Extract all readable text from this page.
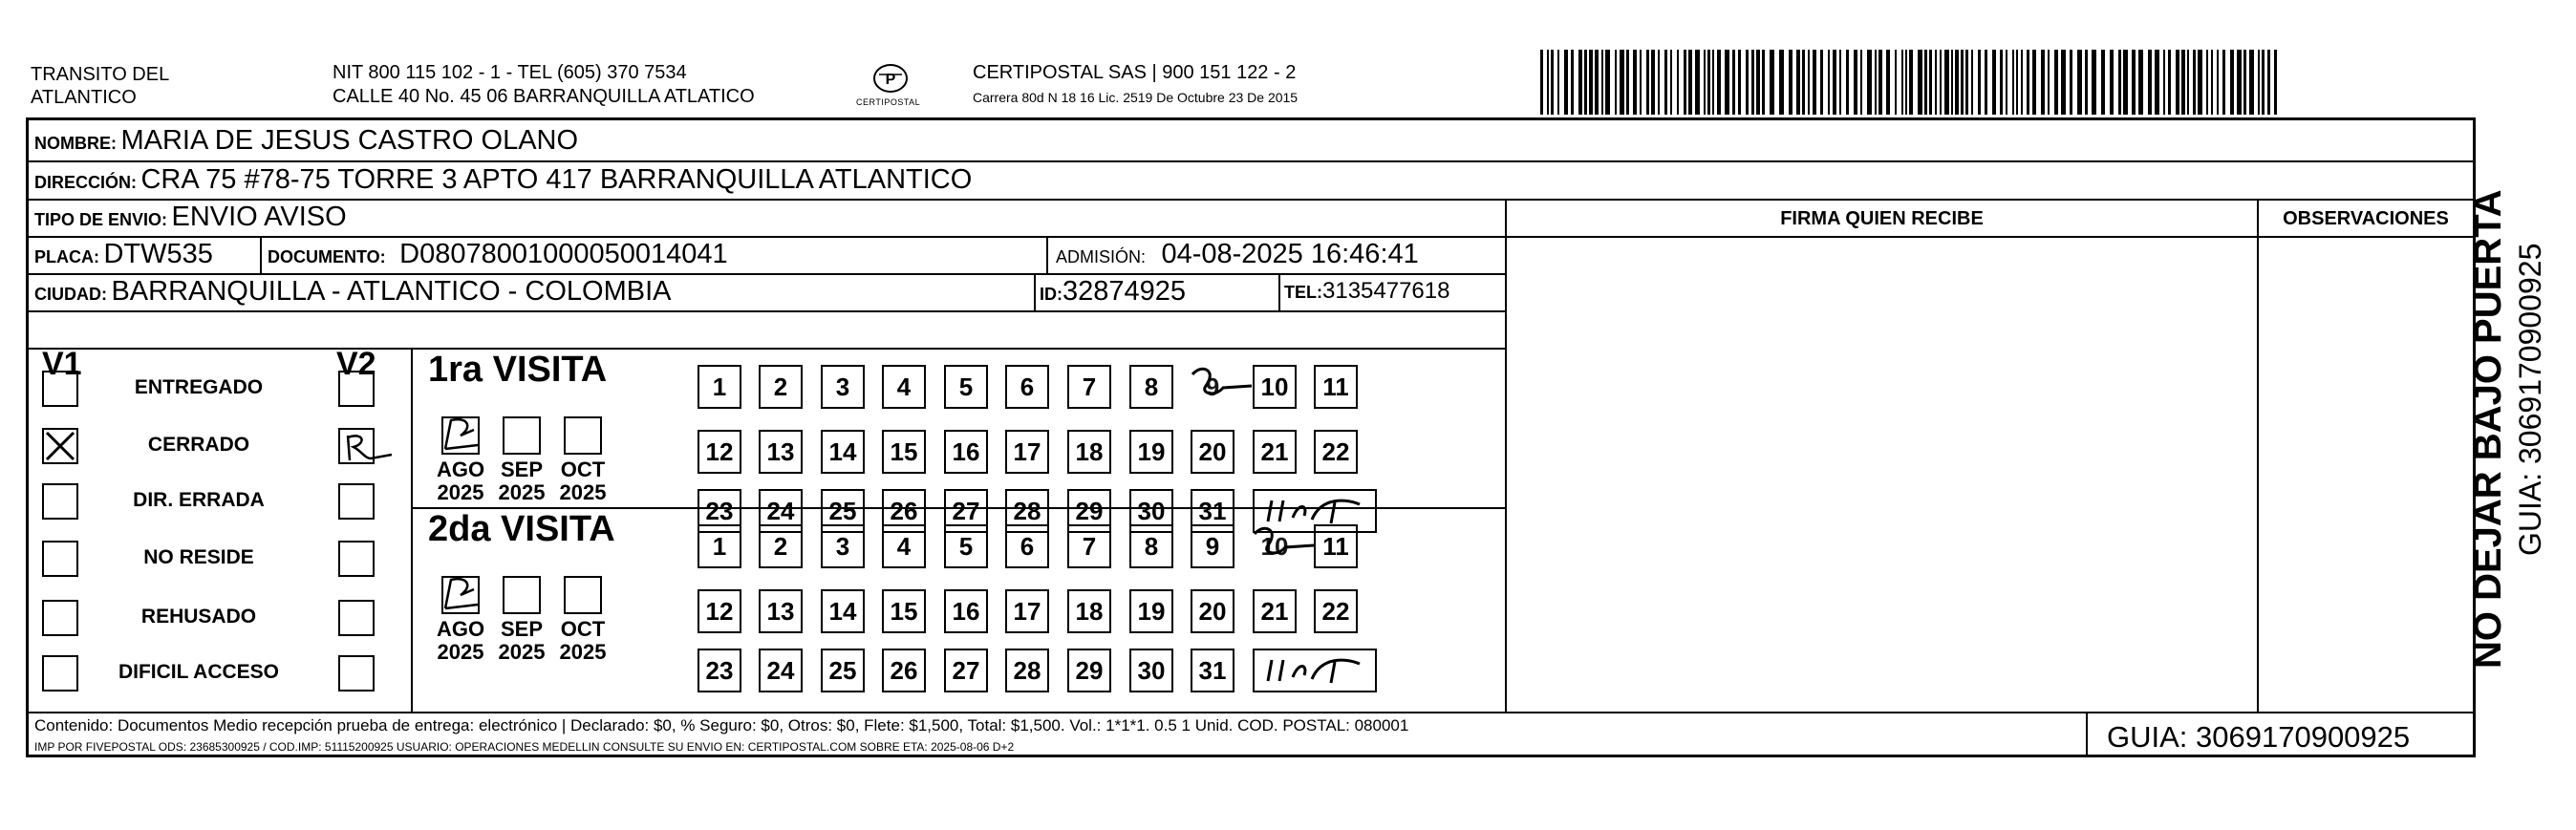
TRANSITO DEL
ATLANTICO
NIT 800 115 102 - 1 - TEL (605) 370 7534
CALLE 40 No. 45 06 BARRANQUILLA ATLATICO
P
CERTIPOSTAL
CERTIPOSTAL SAS | 900 151 122 - 2
Carrera 80d N 18 16 Lic. 2519 De Octubre 23 De 2015
NOMBRE: MARIA DE JESUS CASTRO OLANO
DIRECCIÓN: CRA 75 #78-75 TORRE 3 APTO 417 BARRANQUILLA ATLANTICO
TIPO DE ENVIO: ENVIO AVISO	FIRMA QUIEN RECIBE	OBSERVACIONES
PLACA: DTW535	DOCUMENTO: D08078001000050014041	ADMISIÓN: 04-08-2025 16:46:41
CIUDAD: BARRANQUILLA - ATLANTICO - COLOMBIA	ID:32874925	TEL:3135477618
V1	V2
ENTREGADO
CERRADO
DIR. ERRADA
NO RESIDE
REHUSADO
DIFICIL ACCESO
1ra VISITA
AGO
2025
SEP
2025
OCT
2025
1	2	3	4	5	6	7	8	9	10	11
12	13	14	15	16	17	18	19	20	21	22
23	24	25	26	27	28	29	30	31
2da VISITA
AGO
2025
SEP
2025
OCT
2025
1	2	3	4	5	6	7	8	9	10	11
12	13	14	15	16	17	18	19	20	21	22
23	24	25	26	27	28	29	30	31
Contenido: Documentos Medio recepción prueba de entrega: electrónico | Declarado: $0, % Seguro: $0, Otros: $0, Flete: $1,500, Total: $1,500. Vol.: 1*1*1. 0.5 1 Unid. COD. POSTAL: 080001
IMP POR FIVEPOSTAL ODS: 23685300925 / COD.IMP: 51115200925 USUARIO: OPERACIONES MEDELLIN CONSULTE SU ENVIO EN: CERTIPOSTAL.COM SOBRE ETA: 2025-08-06 D+2	GUIA: 3069170900925
NO DEJAR BAJO PUERTA GUIA: 3069170900925
